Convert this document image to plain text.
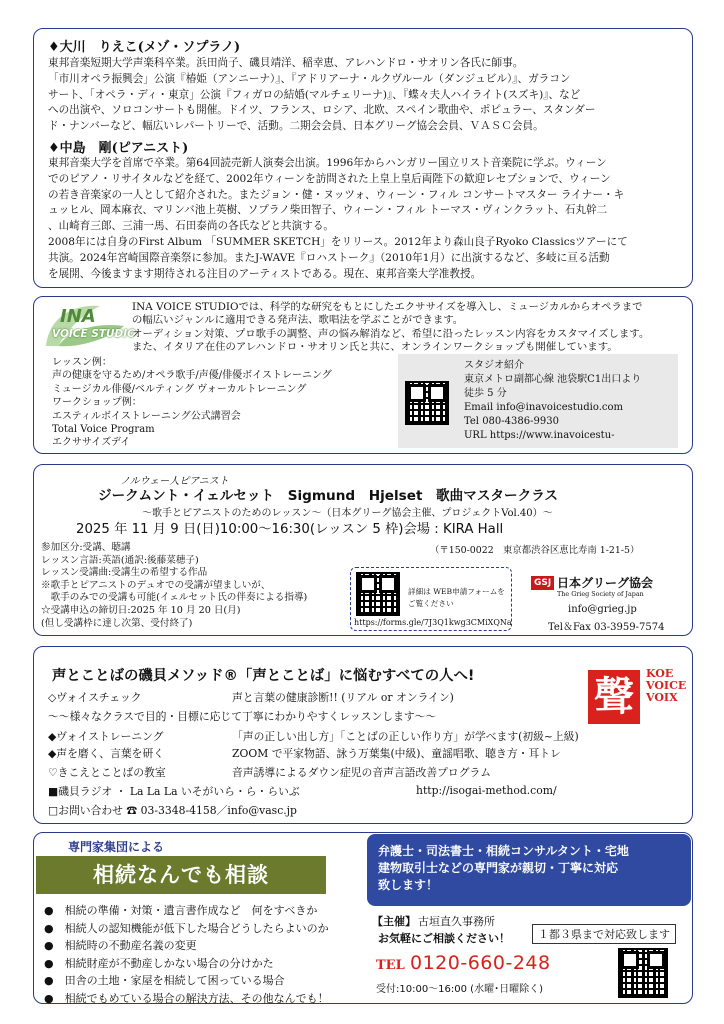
♦大川　りえこ(メゾ・ソプラノ)
東邦音楽短期大学声楽科卒業。浜田尚子、磯貝靖洋、稲幸恵、アレハンドロ・サオリン各氏に師事。
「市川オペラ振興会」公演『椿姫（アンニーナ）』、『アドリアーナ・ルクヴルール（ダンジュビル）』、ガラコン
サート、「オペラ・ディ・東京」公演『フィガロの結婚(マルチェリーナ)』、『蝶々夫人ハイライト(スズキ)』、など
への出演や、ソロコンサートも開催。ドイツ、フランス、ロシア、北欧、スペイン歌曲や、ポピュラー、スタンダー
ド・ナンバーなど、幅広いレパートリーで、活動。二期会会員、日本グリーグ協会会員、ＶＡＳＣ会員。
♦中島　剛(ピアニスト)
東邦音楽大学を首席で卒業。第64回読売新人演奏会出演。1996年からハンガリー国立リスト音楽院に学ぶ。ウィーン
でのピアノ・リサイタルなどを経て、2002年ウィーンを訪問された上皇上皇后両陛下の歓迎レセプションで、ウィーン
の若き音楽家の一人として紹介された。またジョン・健・ヌッツォ、ウィーン・フィル コンサートマスター ライナー・キ
ュッヒル、岡本麻衣、マリンバ池上英樹、ソプラノ柴田智子、ウィーン・フィル トーマス・ヴィンクラット、石丸幹二
、山崎育三郎、三浦一馬、石田泰尚の各氏などと共演する。
2008年には自身のFirst Album 「SUMMER SKETCH」をリリース。2012年より森山良子Ryoko Classicsツアーにて
共演。2024年宮崎国際音楽祭に参加。またJ-WAVE『ロハストーク』（2010年1月）に出演するなど、多岐に亘る活動
を展開、今後ますます期待される注目のアーティストである。現在、東邦音楽大学准教授。
INA
VOICE STUDIO
INA VOICE STUDIOでは、科学的な研究をもとにしたエクササイズを導入し、ミュージカルからオペラまで
の幅広いジャンルに適用できる発声法、歌唱法を学ぶことができます。
オーディション対策、プロ歌手の調整、声の悩み解消など、希望に沿ったレッスン内容をカスタマイズします。
また、イタリア在住のアレハンドロ・サオリン氏と共に、オンラインワークショップも開催しています。
レッスン例：
声の健康を守るため/オペラ歌手/声優/俳優ボイストレーニング
ミュージカル俳優/ベルティング ヴォーカルトレーニング
ワークショップ例：
エスティルボイストレーニング公式講習会
Total Voice Program
エクササイズデイ
スタジオ紹介
東京メトロ副都心線 池袋駅C1出口より
徒歩 5 分
Email info@inavoicestudio.com
Tel 080-4386-9930
URL https://www.inavoicestu-
ノルウェー人ピアニスト
ジークムント・イェルセット　Sigmund　Hjelset　歌曲マスタークラス
～歌手とピアニストのためのレッスン～（日本グリーグ協会主催、プロジェクトVol.40）～
2025 年 11 月 9 日(日)10:00～16:30(レッスン 5 枠)会場 : KIRA Hall
（〒150-0022　東京都渋谷区恵比寿南 1-21-5）
参加区分:受講、聴講
レッスン言語:英語(通訳:後藤菜穂子)
レッスン受講曲:受講生の希望する作品
※歌手とピアニストのデュオでの受講が望ましいが、
　歌手のみでの受講も可能(イェルセット氏の伴奏による指導)
☆受講申込の締切日:2025 年 10 月 20 日(月)
(但し受講枠に達し次第、受付終了)
詳細は WEB申請フォームを
ご覧ください
https://forms.gle/7J3Q1kwg3CMiXQNa
GSJ 日本グリーグ協会
The Grieg Society of Japan
info@grieg.jp
Tel＆Fax 03-3959-7574
声とことばの磯貝メソッド®「声とことば」に悩むすべての人へ!	聲	KOE
VOICE
VOIX
◇ヴォイスチェック	声と言葉の健康診断!! (リアル or オンライン)
～～様々なクラスで目的・目標に応じて丁寧にわかりやすくレッスンします～～
◆ヴォイストレーニング	「声の正しい出し方」「ことばの正しい作り方」が学べます(初級~上級)
◆声を磨く、言葉を研く	ZOOM で平家物語、詠う万葉集(中級)、童謡唱歌、聴き方・耳トレ
♡きこえとことばの教室	音声誘導によるダウン症児の音声言語改善プログラム
■磯貝ラジオ ・ La La La いそがいら・ら・らいぶ	http://isogai-method.com/
□お問い合わせ ☎ 03-3348-4158／info@vasc.jp
専門家集団による
相続なんでも相談
●　相続の準備・対策・遺言書作成など　何をすべきか
●　相続人の認知機能が低下した場合どうしたらよいのか
●　相続時の不動産名義の変更
●　相続財産が不動産しかない場合の分けかた
●　田舎の土地・家屋を相続して困っている場合
●　相続でもめている場合の解決方法、その他なんでも！
弁護士・司法書士・相続コンサルタント・宅地
建物取引士などの専門家が親切・丁寧に対応
致します！
【主催】 古垣直久事務所
お気軽にご相談ください！	１都３県まで対応致します
TEL 0120-660-248
受付:10:00～16:00 (水曜･日曜除く)
